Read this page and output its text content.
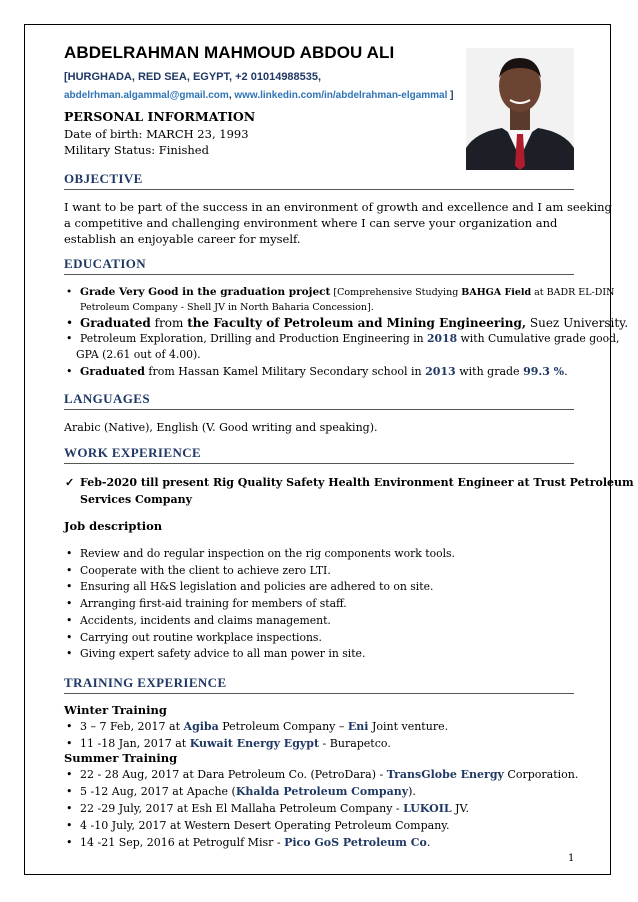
ABDELRAHMAN MAHMOUD ABDOU ALI
[HURGHADA, RED SEA, EGYPT, +2 01014988535,
abdelrhman.algammal@gmail.com, www.linkedin.com/in/abdelrahman-elgammal ]
PERSONAL INFORMATION
Date of birth: MARCH 23, 1993
Military Status: Finished
OBJECTIVE
I want to be part of the success in an environment of growth and excellence and I am seeking
a competitive and challenging environment where I can serve your organization and
establish an enjoyable career for myself.
EDUCATION
• Grade Very Good in the graduation project [Comprehensive Studying BAHGA Field at BADR EL-DIN
Petroleum Company - Shell JV in North Baharia Concession].
• Graduated from the Faculty of Petroleum and Mining Engineering, Suez University.
• Petroleum Exploration, Drilling and Production Engineering in 2018 with Cumulative grade good,
GPA (2.61 out of 4.00).
• Graduated from Hassan Kamel Military Secondary school in 2013 with grade 99.3 %.
LANGUAGES
Arabic (Native), English (V. Good writing and speaking).
WORK EXPERIENCE
✓ Feb-2020 till present Rig Quality Safety Health Environment Engineer at Trust Petroleum
Services Company
Job description
• Review and do regular inspection on the rig components work tools.
• Cooperate with the client to achieve zero LTI.
• Ensuring all H&S legislation and policies are adhered to on site.
• Arranging first-aid training for members of staff.
• Accidents, incidents and claims management.
• Carrying out routine workplace inspections.
• Giving expert safety advice to all man power in site.
TRAINING EXPERIENCE
Winter Training
• 3 – 7 Feb, 2017 at Agiba Petroleum Company – Eni Joint venture.
• 11 -18 Jan, 2017 at Kuwait Energy Egypt - Burapetco.
Summer Training
• 22 - 28 Aug, 2017 at Dara Petroleum Co. (PetroDara) - TransGlobe Energy Corporation.
• 5 -12 Aug, 2017 at Apache (Khalda Petroleum Company).
• 22 -29 July, 2017 at Esh El Mallaha Petroleum Company - LUKOIL JV.
• 4 -10 July, 2017 at Western Desert Operating Petroleum Company.
• 14 -21 Sep, 2016 at Petrogulf Misr - Pico GoS Petroleum Co.
1
